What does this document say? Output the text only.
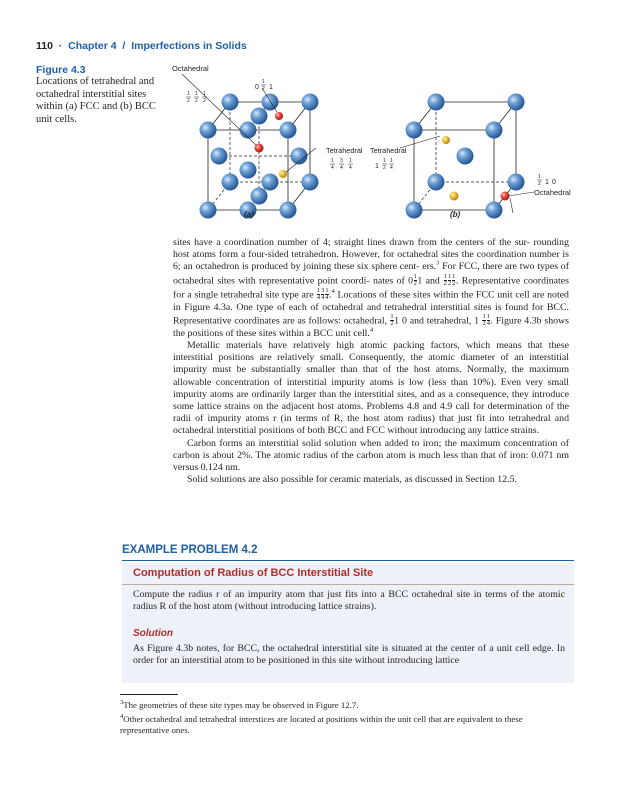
110 · Chapter 4 / Imperfections in Solids
Figure 4.3
Locations of tetrahedral and octahedral interstitial sites within (a) FCC and (b) BCC unit cells.
Octahedral
0
1
2 1
1
2
1
2
1
2
(a)
Tetrahedral
1
4
3
4
1
4
Tetrahedral
1
1
2
1
4
1
2 1 0
Octahedral
(b)

sites have a coordination number of 4; straight lines drawn from the centers of the sur- rounding host atoms form a four-sided tetrahedron. However, for octahedral sites the coordination number is 6; an octahedron is produced by joining these six sphere cent- ers.$^3$ For FCC, there are two types of octahedral sites with representative point coordi- nates of $0 \frac{1}{2} 1$ and $\frac{1}{2} \frac{1}{2} \frac{1}{2}$ . Representative coordinates for a single tetrahedral site type are $\frac{1}{4} \frac{3}{4} \frac{1}{4} .^4$ Locations of these sites within the FCC unit cell are noted in Figure 4.3a. One type of each of octahedral and tetrahedral interstitial sites is found for BCC. Representative coordinates are as follows: octahedral, $\frac{1}{2} 1$ 0 and tetrahedral, $1 \frac{1}{2} \frac{1}{4}$ . Figure 4.3b shows the positions of these sites within a BCC unit cell.$^4$

Metallic materials have relatively high atomic packing factors, which means that these interstitial positions are relatively small. Consequently, the atomic diameter of an interstitial impurity must be substantially smaller than that of the host atoms. Normally, the maximum allowable concentration of interstitial impurity atoms is low (less than 10%). Even very small impurity atoms are ordinarily larger than the interstitial sites, and as a consequence, they introduce some lattice strains on the adjacent host atoms. Problems 4.8 and 4.9 call for determination of the radii of impurity atoms r (in terms of R, the host atom radius) that just fit into tetrahedral and octahedral interstitial positions of both BCC and FCC without introducing any lattice strains.

Carbon forms an interstitial solid solution when added to iron; the maximum concentration of carbon is about 2%. The atomic radius of the carbon atom is much less than that of iron: 0.071 nm versus 0.124 nm.

Solid solutions are also possible for ceramic materials, as discussed in Section 12.5.

EXAMPLE PROBLEM 4.2
Computation of Radius of BCC Interstitial Site
Compute the radius r of an impurity atom that just fits into a BCC octahedral site in terms of the atomic radius R of the host atom (without introducing lattice strains).
Solution
As Figure 4.3b notes, for BCC, the octahedral interstitial site is situated at the center of a unit cell edge. In order for an interstitial atom to be positioned in this site without introducing lattice
$^3$The geometries of these site types may be observed in Figure 12.7.
$^4$Other octahedral and tetrahedral interstices are located at positions within the unit cell that are equivalent to these representative ones.
